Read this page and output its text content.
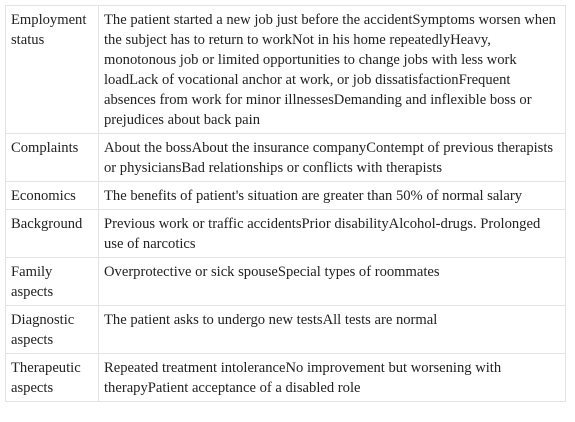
Employment status	The patient started a new job just before the accidentSymptoms worsen when the subject has to return to workNot in his home repeatedlyHeavy, monotonous job or limited opportunities to change jobs with less work loadLack of vocational anchor at work, or job dissatisfactionFrequent absences from work for minor illnessesDemanding and inflexible boss or prejudices about back pain
Complaints	About the bossAbout the insurance companyContempt of previous therapists or physiciansBad relationships or conflicts with therapists
Economics	The benefits of patient's situation are greater than 50% of normal salary
Background	Previous work or traffic accidentsPrior disabilityAlcohol-drugs. Prolonged use of narcotics
Family aspects	Overprotective or sick spouseSpecial types of roommates
Diagnostic aspects	The patient asks to undergo new testsAll tests are normal
Therapeutic aspects	Repeated treatment intoleranceNo improvement but worsening with therapyPatient acceptance of a disabled role
